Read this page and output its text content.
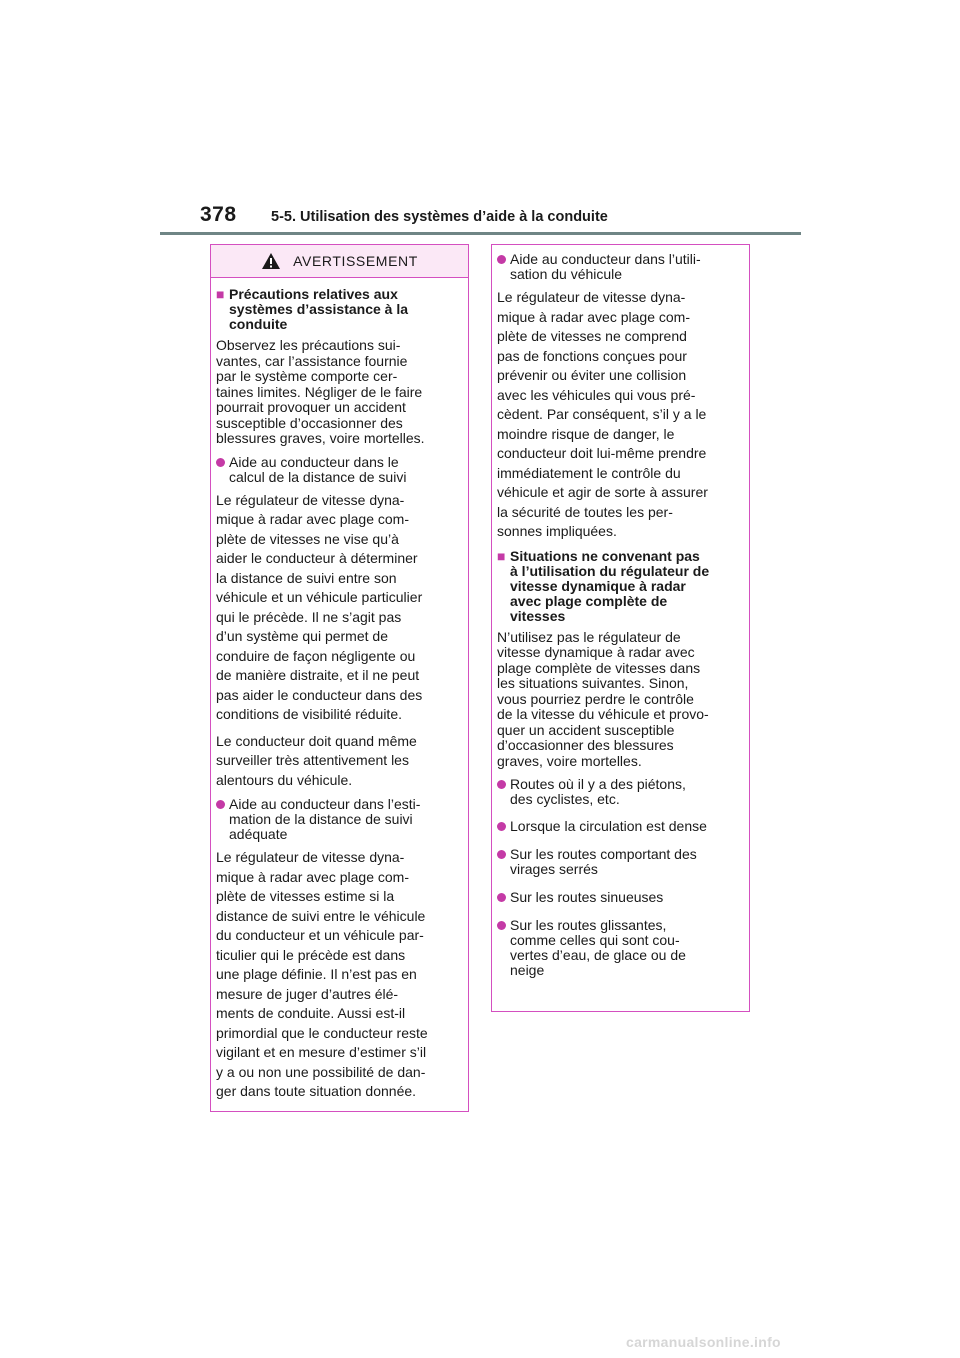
378 5-5. Utilisation des systèmes d’aide à la conduite
AVERTISSEMENT
■ Précautions relatives aux
systèmes d’assistance à la
conduite

Observez les précautions sui-
vantes, car l’assistance fournie
par le système comporte cer-
taines limites. Négliger de le faire
pourrait provoquer un accident
susceptible d’occasionner des
blessures graves, voire mortelles.

Aide au conducteur dans le
calcul de la distance de suivi

Le régulateur de vitesse dyna-
mique à radar avec plage com-
plète de vitesses ne vise qu’à
aider le conducteur à déterminer
la distance de suivi entre son
véhicule et un véhicule particulier
qui le précède. Il ne s’agit pas
d’un système qui permet de
conduire de façon négligente ou
de manière distraite, et il ne peut
pas aider le conducteur dans des
conditions de visibilité réduite.

Le conducteur doit quand même
surveiller très attentivement les
alentours du véhicule.

Aide au conducteur dans l’esti-
mation de la distance de suivi
adéquate

Le régulateur de vitesse dyna-
mique à radar avec plage com-
plète de vitesses estime si la
distance de suivi entre le véhicule
du conducteur et un véhicule par-
ticulier qui le précède est dans
une plage définie. Il n’est pas en
mesure de juger d’autres élé-
ments de conduite. Aussi est-il
primordial que le conducteur reste
vigilant et en mesure d’estimer s’il
y a ou non une possibilité de dan-
ger dans toute situation donnée.

Aide au conducteur dans l’utili-
sation du véhicule

Le régulateur de vitesse dyna-
mique à radar avec plage com-
plète de vitesses ne comprend
pas de fonctions conçues pour
prévenir ou éviter une collision
avec les véhicules qui vous pré-
cèdent. Par conséquent, s’il y a le
moindre risque de danger, le
conducteur doit lui-même prendre
immédiatement le contrôle du
véhicule et agir de sorte à assurer
la sécurité de toutes les per-
sonnes impliquées.

■ Situations ne convenant pas
à l’utilisation du régulateur de
vitesse dynamique à radar
avec plage complète de
vitesses

N’utilisez pas le régulateur de
vitesse dynamique à radar avec
plage complète de vitesses dans
les situations suivantes. Sinon,
vous pourriez perdre le contrôle
de la vitesse du véhicule et provo-
quer un accident susceptible
d’occasionner des blessures
graves, voire mortelles.

Routes où il y a des piétons,
des cyclistes, etc.
Lorsque la circulation est dense
Sur les routes comportant des
virages serrés
Sur les routes sinueuses
Sur les routes glissantes,
comme celles qui sont cou-
vertes d’eau, de glace ou de
neige
carmanualsonline.info
